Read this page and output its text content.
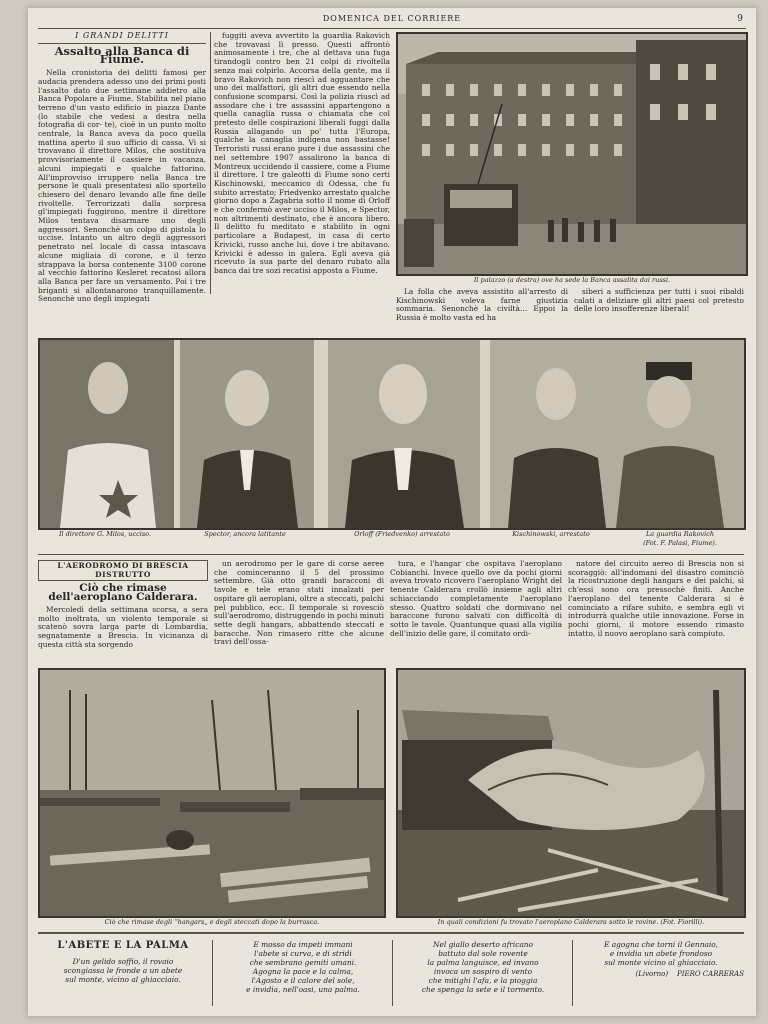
DOMENICA DEL CORRIERE	9
I GRANDI DELITTI
Assalto alla Banca di Fiume.

Nella cronistoria dei delitti famosi per audacia prendera adesso uno dei primi posti l'assalto dato due settimane addietro alla Banca Popolare a Fiume. Stabilita nel piano terreno d'un vasto edificio in piazza Dante (lo stabile che vedesi a destra nella fotografia di cor- te), cioè in un punto molto centrale, la Banca aveva da poco quella mattina aperto il suo ufficio di cassa. Vi si trovavano il direttore Milos, che sostituiva provvisoriamente il cassiere in vacanza, alcuni impiegati e qualche fattorino. All'improvviso irruppero nella Banca tre persone le quali presentatesi allo sportello chiesero del denaro levando alle fine delle rivoltelle. Terrorizzati dalla sorpresa gl'impiegati fuggirono, mentre il direttore Milos tentava disarmare uno degli aggressori. Senonchè un colpo di pistola lo uccise. Intanto un altro degli aggressori penetrato nel locale di cassa intascava alcune migliaia di corone, e il terzo strappava la borsa contenente 3100 corone al vecchio fattorino Kesleret recatosi allora alla Banca per fare un versamento. Poi i tre briganti si allontanarono tranquillamente. Senonchè uno degli impiegati

fuggiti aveva avvertito la guardia Rakovich che trovavasi lì presso. Questi affrontò animosamente i tre, che al dettava una fuga tirandogli contro ben 21 colpi di rivoltella senza mai colpirlo. Accorsa della gente, ma il bravo Rakovich non riescì ad agguantare che uno dei malfattori, gli altri due essendo nella confusione scomparsi. Così la polizia riuscì ad assodare che i tre assassini appartengono a quella canaglia russa o chiamata che col pretesto delle cospirazioni liberali fuggi dalla Russia allagando un po' tutta l'Europa, qualche la canaglia indigena non bastasse! Terroristi russi erano pure i due assassini che nel settembre 1907 assalirono la banca di Montreux uccidendo il cassiere, come a Fiume il direttore. I tre galeotti di Fiume sono certi Kischinowski, meccanico di Odessa, che fu subito arrestato; Friedvenko arrestato qualche giorno dopo a Zagabria sotto il nome di Orloff e che confermò aver ucciso il Milos, e Spector, non altrimenti destinato, che è ancora libero. Il delitto fu meditato e stabilito in ogni particolare a Budapest, in casa di certo Krivicki, russo anche lui, dove i tre abitavano. Krivicki è adesso in galera. Egli aveva già ricevuto la sua parte del denaro rubato alla banca dai tre sozi recatisi apposta a Fiume.

Il palazzo (a destra) ove ha sede la Banca assalita dai russi.

La folla che aveva assistito all'arresto di Kischinowski voleva farne giustizia sommaria. Senonchè la civiltà… Eppoi la Russia è molto vasta ed ha

siberi a sufficienza per tutti i suoi ribaldi calati a deliziare gli altri paesi col pretesto delle loro insofferenze liberali!

Il direttore G. Milos, ucciso.	Spector, ancora latitante	Orloff (Friedvenko) arrestato	Kischinowski, arrestato	La guardia Rakovich
(Fot. F. Palasi, Fiume).
L'AERODROMO DI BRESCIA DISTRUTTO
Ciò che rimase dell'aeroplano Calderara.

Mercoledì della settimana scorsa, a sera molto inoltrata, un violento temporale si scatenò sovra larga parte di Lombardia, segnatamente a Brescia. In vicinanza di questa città sta sorgendo

un aerodromo per le gare di corse aeree che cominceranno il 5 del prossimo settembre. Già otto grandi baracconi di tavole e tele erano stati innalzati per ospitare gli aeroplani, oltre a steccati, palchi pel pubblico, ecc. Il temporale si rovesciò sull'aerodromo, distruggendo in pochi minuti sette degli hangars, abbattendo steccati e baracche. Non rimasero ritte che alcune travi dell'ossa-

tura, e l'hangar che ospitava l'aeroplano Cobianchi. Invece quello ove da pochi giorni aveva trovato ricovero l'aeroplano Wright del tenente Calderara crollò insieme agli altri schiacciando completamente l'aeroplano stesso. Quattro soldati che dormivano nel baraccone furono salvati con difficoltà di sotto le tavole. Quantunque quasi alla vigilia dell'inizio delle gare, il comitato ordi-

natore del circuito aereo di Brescia non si scoraggiò: all'indomani del disastro cominciò la ricostruzione degli hangars e dei palchi, sì ch'essi sono ora pressochè finiti. Anche l'aeroplano del tenente Calderara si è cominciato a rifare subito, e sembra egli vi introdurrà qualche utile innovazione. Forse in pochi giorni, il motore essendo rimasto intatto, il nuovo aeroplano sarà compiuto.

Ciò che rimase degli “hangars„ e degli steccati dopo la burrasca.	In quali condizioni fu trovato l'aeroplano Calderara sotto le rovine. (Fot. Fiorilli).
L'ABETE E LA PALMA
D'un gelido soffio, il rovaio
scongiassa le fronde a un abete
sul monte, vicino al ghiacciaio.
E mosso da impeti immani
l'abete si curva, e di stridi
che sembrano gemiti umani.
Agogna la pace e la calma,
l'Agosto e il calore del sole,
e invidia, nell'oasi, una palma.
Nel giallo deserto africano
battuto dal sole rovente
la palma languisce, ed invano
invoca un sospiro di vento
che mitighi l'afa, e la pioggia
che spenga la sete e il tormento.
E agogna che torni il Gennaio,
e invidia un abete frondoso
sul monte vicino al ghiacciaio.
(Livorno) PIERO CARRERAS
